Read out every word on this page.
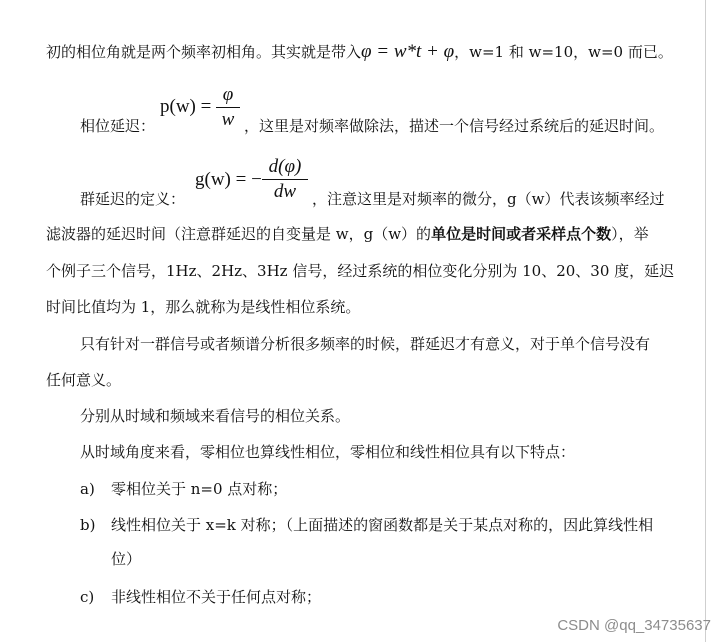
初的相位角就是两个频率初相角。其实就是带入φ = w*t + φ，w=1 和 w=10，w=0 而已。
相位延迟：
p(w) =
φ
w ，这里是对频率做除法，描述一个信号经过系统后的延迟时间。
群延迟的定义：
g(w) = −
d(φ)
dw	，注意这里是对频率的微分，g（w）代表该频率经过
滤波器的延迟时间（注意群延迟的自变量是 w，g（w）的单位是时间或者采样点个数），举
个例子三个信号，1Hz、2Hz、3Hz 信号，经过系统的相位变化分别为 10、20、30 度，延迟
时间比值均为 1，那么就称为是线性相位系统。
只有针对一群信号或者频谱分析很多频率的时候，群延迟才有意义，对于单个信号没有
任何意义。
分别从时域和频域来看信号的相位关系。
从时域角度来看，零相位也算线性相位，零相位和线性相位具有以下特点：
a) 零相位关于 n=0 点对称；
b) 线性相位关于 x=k 对称；（上面描述的窗函数都是关于某点对称的，因此算线性相
位）
c) 非线性相位不关于任何点对称；
CSDN @qq_34735637
